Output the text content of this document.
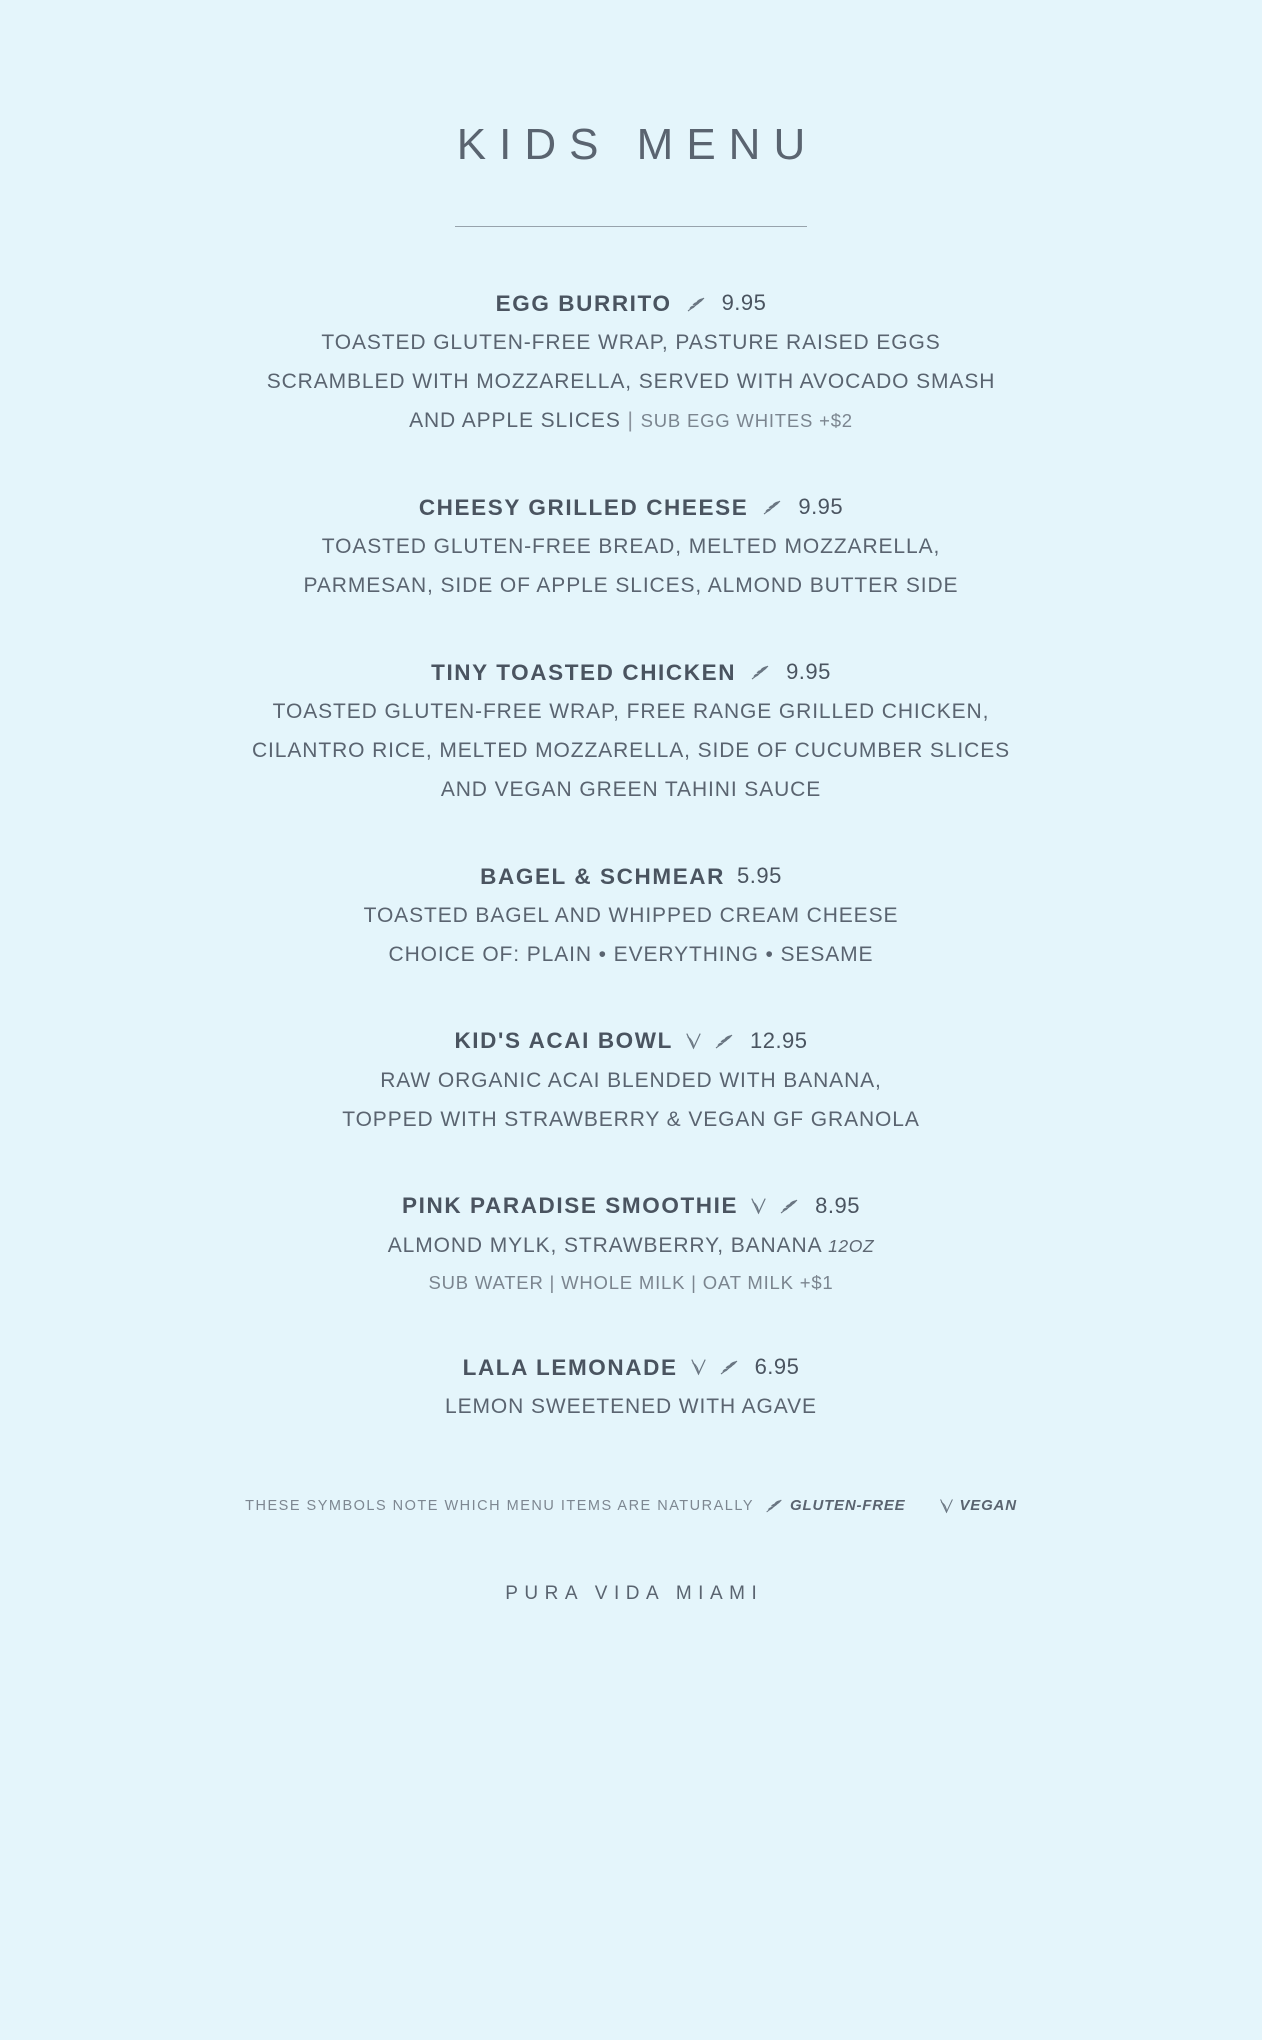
KIDS MENU
EGG BURRITO 9.95
TOASTED GLUTEN-FREE WRAP, PASTURE RAISED EGGS
SCRAMBLED WITH MOZZARELLA, SERVED WITH AVOCADO SMASH
AND APPLE SLICES | SUB EGG WHITES +$2
CHEESY GRILLED CHEESE 9.95
TOASTED GLUTEN-FREE BREAD, MELTED MOZZARELLA,
PARMESAN, SIDE OF APPLE SLICES, ALMOND BUTTER SIDE
TINY TOASTED CHICKEN 9.95
TOASTED GLUTEN-FREE WRAP, FREE RANGE GRILLED CHICKEN,
CILANTRO RICE, MELTED MOZZARELLA, SIDE OF CUCUMBER SLICES
AND VEGAN GREEN TAHINI SAUCE
BAGEL & SCHMEAR 5.95
TOASTED BAGEL AND WHIPPED CREAM CHEESE
CHOICE OF: PLAIN • EVERYTHING • SESAME
KID'S ACAI BOWL	12.95
RAW ORGANIC ACAI BLENDED WITH BANANA,
TOPPED WITH STRAWBERRY & VEGAN GF GRANOLA
PINK PARADISE SMOOTHIE	8.95
ALMOND MYLK, STRAWBERRY, BANANA 12OZ
SUB WATER | WHOLE MILK | OAT MILK +$1
LALA LEMONADE	6.95
LEMON SWEETENED WITH AGAVE
THESE SYMBOLS NOTE WHICH MENU ITEMS ARE NATURALLY GLUTEN-FREE	VEGAN
PURA VIDA MIAMI
